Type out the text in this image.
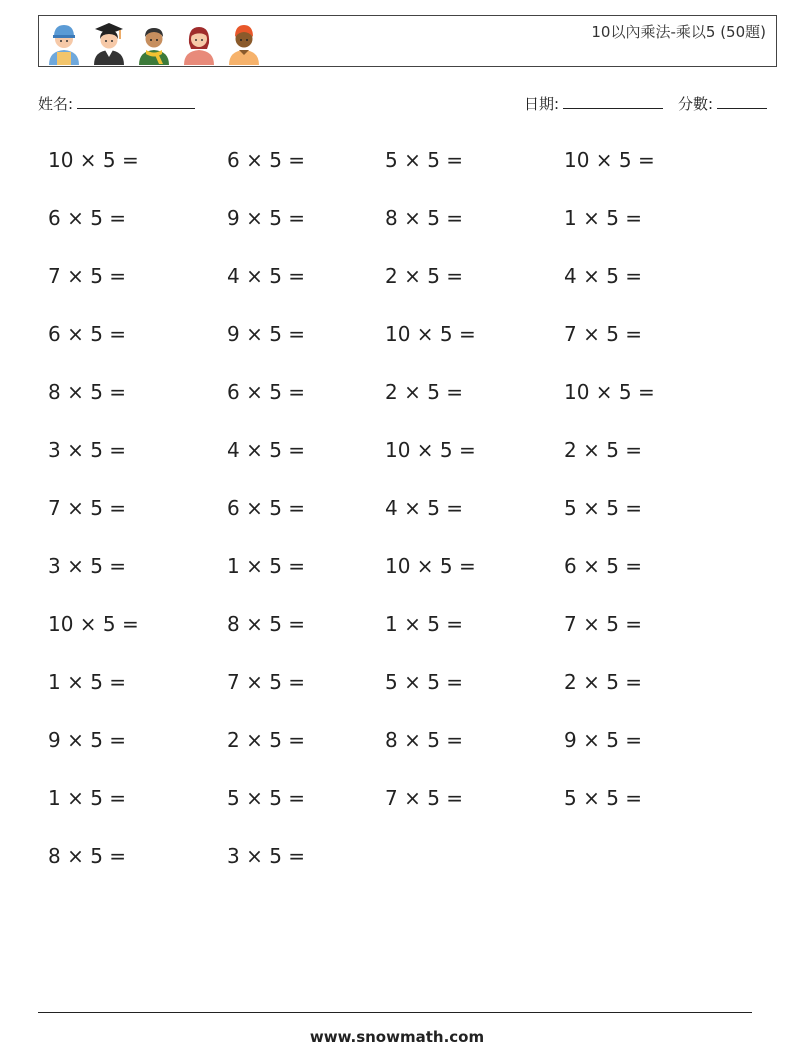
10以內乘法-乘以5 (50題)
姓名:	日期:	分數:
10 × 5 =	6 × 5 =	5 × 5 =	10 × 5 =
6 × 5 =	9 × 5 =	8 × 5 =	1 × 5 =
7 × 5 =	4 × 5 =	2 × 5 =	4 × 5 =
6 × 5 =	9 × 5 =	10 × 5 =	7 × 5 =
8 × 5 =	6 × 5 =	2 × 5 =	10 × 5 =
3 × 5 =	4 × 5 =	10 × 5 =	2 × 5 =
7 × 5 =	6 × 5 =	4 × 5 =	5 × 5 =
3 × 5 =	1 × 5 =	10 × 5 =	6 × 5 =
10 × 5 =	8 × 5 =	1 × 5 =	7 × 5 =
1 × 5 =	7 × 5 =	5 × 5 =	2 × 5 =
9 × 5 =	2 × 5 =	8 × 5 =	9 × 5 =
1 × 5 =	5 × 5 =	7 × 5 =	5 × 5 =
8 × 5 =	3 × 5 =
www.snowmath.com
